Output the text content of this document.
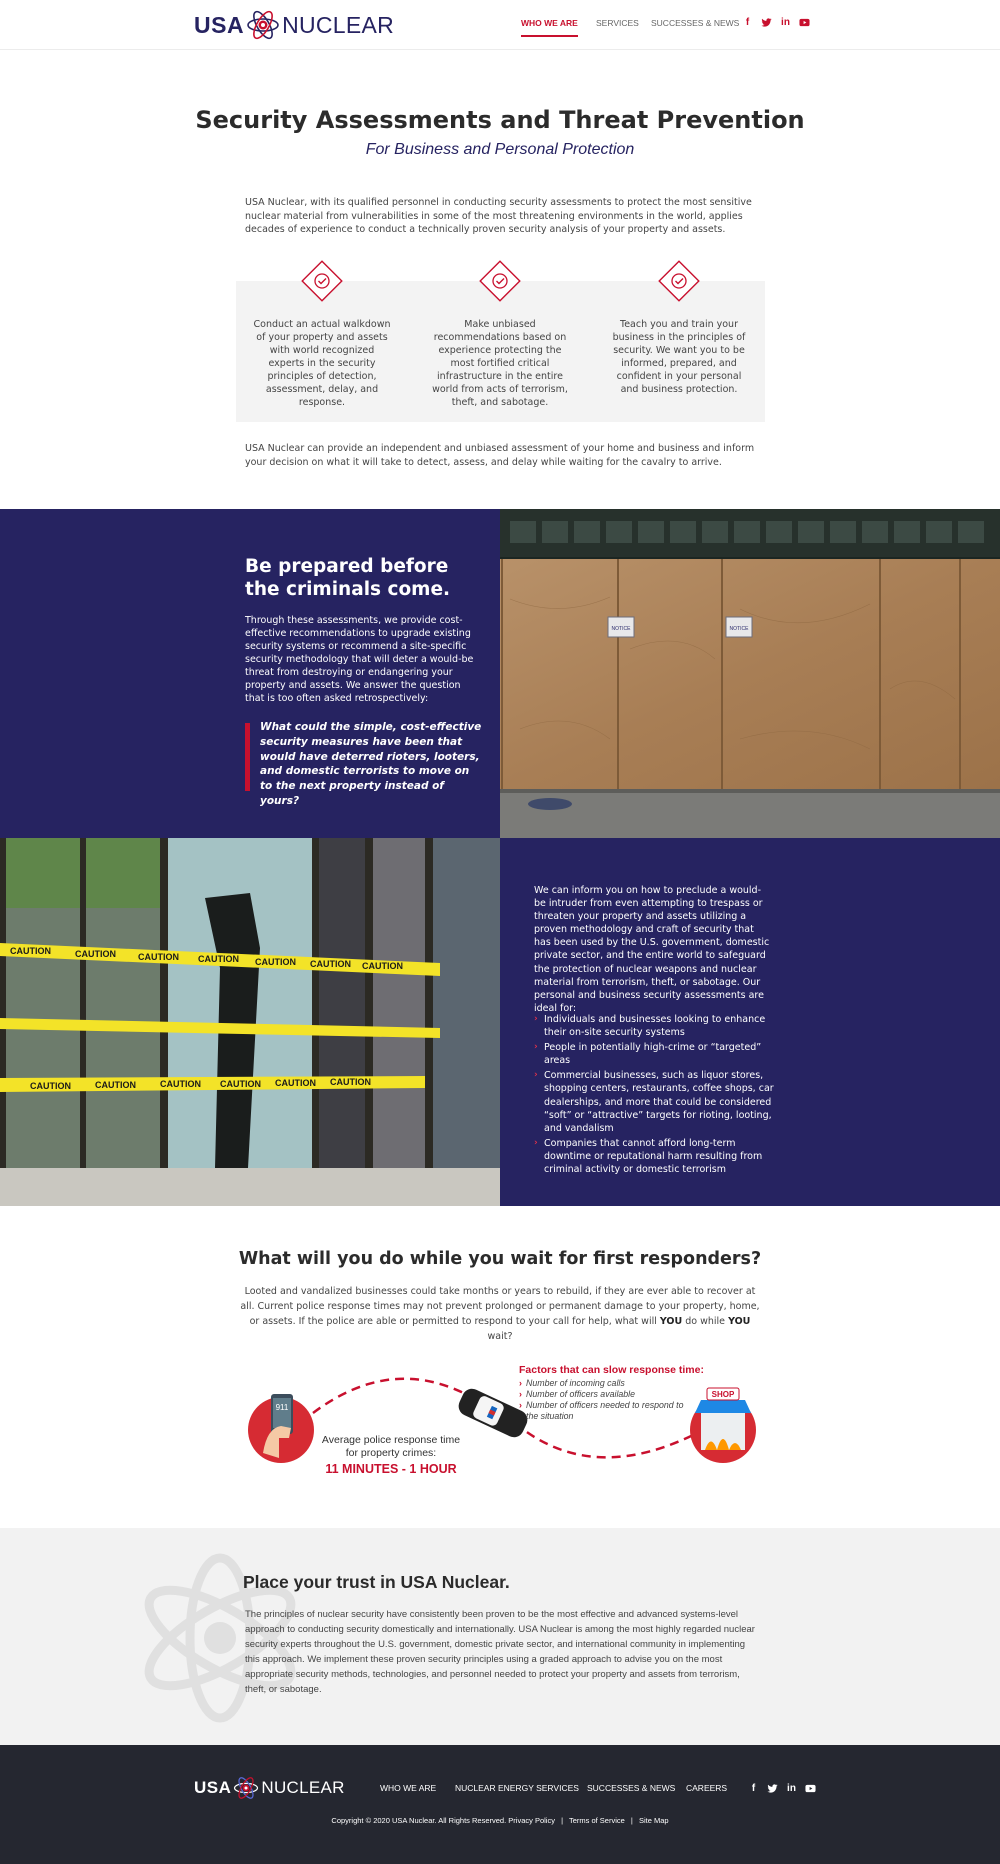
USA NUCLEAR	WHO WE ARE SERVICES SUCCESSES & NEWS f	in
Security Assessments and Threat Prevention
For Business and Personal Protection

USA Nuclear, with its qualified personnel in conducting security assessments to protect the most sensitive nuclear material from vulnerabilities in some of the most threatening environments in the world, applies decades of experience to conduct a technically proven security analysis of your property and assets.

Conduct an actual walkdown of your property and assets with world recognized experts in the security principles of detection, assessment, delay, and response.

Make unbiased recommendations based on experience protecting the most fortified critical infrastructure in the entire world from acts of terrorism, theft, and sabotage.

Teach you and train your business in the principles of security. We want you to be informed, prepared, and confident in your personal and business protection.

USA Nuclear can provide an independent and unbiased assessment of your home and business and inform your decision on what it will take to detect, assess, and delay while waiting for the cavalry to arrive.

Be prepared before the criminals come.

Through these assessments, we provide cost-effective recommendations to upgrade existing security systems or recommend a site-specific security methodology that will deter a would-be threat from destroying or endangering your property and assets. We answer the question that is too often asked retrospectively:

What could the simple, cost-effective security measures have been that would have deterred rioters, looters, and domestic terrorists to move on to the next property instead of yours?

NOTICE	NOTICE
CAUTION	CAUTION CAUTION CAUTION CAUTION CAUTION CAUTION
CAUTION	CAUTION	CAUTION CAUTION CAUTION CAUTION

We can inform you on how to preclude a would-be intruder from even attempting to trespass or threaten your property and assets utilizing a proven methodology and craft of security that has been used by the U.S. government, domestic private sector, and the entire world to safeguard the protection of nuclear weapons and nuclear material from terrorism, theft, or sabotage. Our personal and business security assessments are ideal for:

› Individuals and businesses looking to enhance their on-site security systems
› People in potentially high-crime or “targeted” areas
› Commercial businesses, such as liquor stores, shopping centers, restaurants, coffee shops, car dealerships, and more that could be considered “soft” or “attractive” targets for rioting, looting, and vandalism
› Companies that cannot afford long-term downtime or reputational harm resulting from criminal activity or domestic terrorism
What will you do while you wait for first responders?

Looted and vandalized businesses could take months or years to rebuild, if they are ever able to recover at all. Current police response times may not prevent prolonged or permanent damage to your property, home, or assets. If the police are able or permitted to respond to your call for help, what will YOU do while YOU wait?

911
SHOP
Average police response time for property crimes:
11 MINUTES - 1 HOUR
Factors that can slow response time:
› Number of incoming calls
› Number of officers available
› Number of officers needed to respond to the situation
Place your trust in USA Nuclear.

The principles of nuclear security have consistently been proven to be the most effective and advanced systems-level approach to conducting security domestically and internationally. USA Nuclear is among the most highly regarded nuclear security experts throughout the U.S. government, domestic private sector, and international community in implementing this approach. We implement these proven security principles using a graded approach to advise you on the most appropriate security methods, technologies, and personnel needed to protect your property and assets from terrorism, theft, or sabotage.

USA NUCLEAR	WHO WE ARE NUCLEAR ENERGY SERVICES SUCCESSES & NEWS CAREERS	f	in
Copyright © 2020 USA Nuclear. All Rights Reserved. Privacy Policy | Terms of Service | Site Map
